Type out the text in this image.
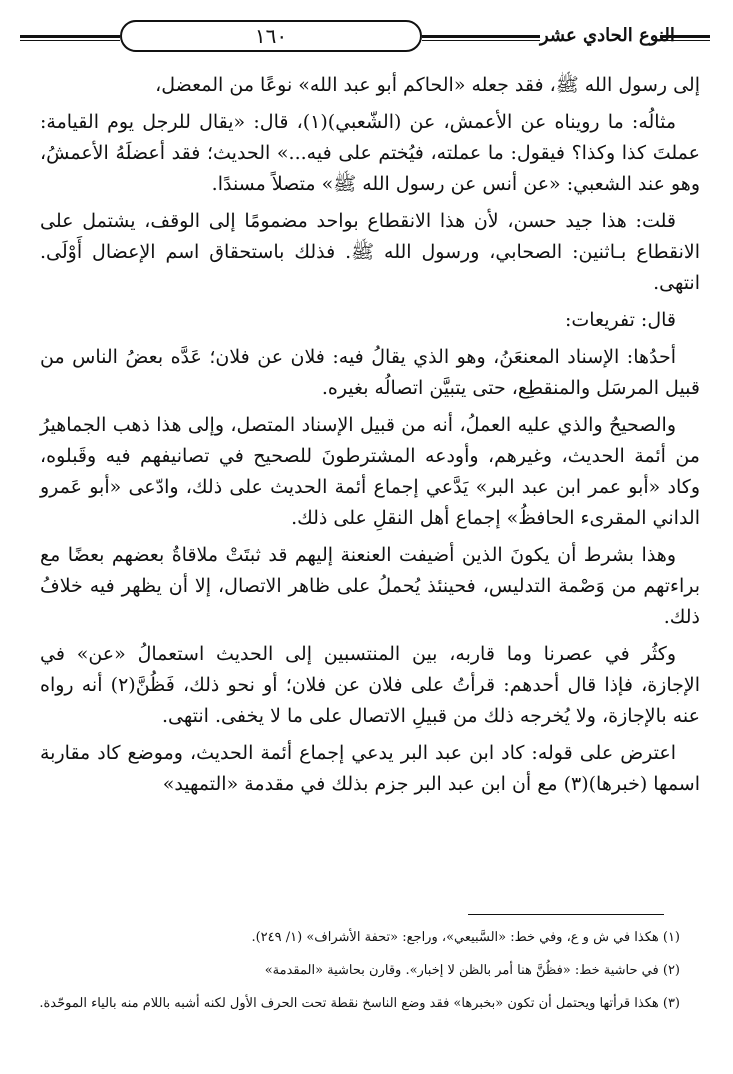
١٦٠	النوع الحادي عشر

إلى رسول الله ﷺ، فقد جعله «الحاكم أبو عبد الله» نوعًا من المعضل،

مثالُه: ما رويناه عن الأعمش، عن (الشّعبي)(١)، قال: «يقال للرجل يوم القيامة: عملتَ كذا وكذا؟ فيقول: ما عملته، فيُختم على فيه...» الحديث؛ فقد أعضلَهُ الأعمشُ، وهو عند الشعبي: «عن أنس عن رسول الله ﷺ» متصلاً مسندًا.

قلت: هذا جيد حسن، لأن هذا الانقطاع بواحد مضمومًا إلى الوقف، يشتمل على الانقطاع بـاثنين: الصحابي، ورسول الله ﷺ. فذلك باستحقاق اسم الإعضال أَوْلَى. انتهى.

قال: تفريعات:

أحدُها: الإسناد المعنعَنُ، وهو الذي يقالُ فيه: فلان عن فلان؛ عَدَّه بعضُ الناس من قبيل المرسَل والمنقطِع، حتى يتبيَّن اتصالُه بغيره.

والصحيحُ والذي عليه العملُ، أنه من قبيل الإسناد المتصل، وإلى هذا ذهب الجماهيرُ من أئمة الحديث، وغيرهم، وأودعه المشترطونَ للصحيح في تصانيفهم فيه وقَبلوه، وكاد «أبو عمر ابن عبد البر» يَدَّعي إجماع أئمة الحديث على ذلك، وادّعى «أبو عَمرو الداني المقرىء الحافظُ» إجماع أهل النقلِ على ذلك.

وهذا بشرط أن يكونَ الذين أضيفت العنعنة إليهم قد ثبتَتْ ملاقاةُ بعضهم بعضًا مع براءتهم من وَصْمة التدليس، فحينئذ يُحملُ على ظاهر الاتصال، إلا أن يظهر فيه خلافُ ذلك.

وكثُر في عصرنا وما قاربه، بين المنتسبين إلى الحديث استعمالُ «عن» في الإجازة، فإذا قال أحدهم: قرأتُ على فلان عن فلان؛ أو نحو ذلك، فَظُنَّ(٢) أنه رواه عنه بالإجازة، ولا يُخرجه ذلك من قبيلِ الاتصال على ما لا يخفى. انتهى.

اعترض على قوله: كاد ابن عبد البر يدعي إجماع أئمة الحديث، وموضع كاد مقاربة اسمها (خبرها)(٣) مع أن ابن عبد البر جزم بذلك في مقدمة «التمهيد»

(١) هكذا في ش و ع، وفي خط: «السَّبيعي»، وراجع: «تحفة الأشراف» (١/ ٢٤٩).

(٢) في حاشية خط: «فظُنَّ هنا أمر بالظن لا إخبار». وقارن بحاشية «المقدمة»

(٣) هكذا قرأتها ويحتمل أن تكون «بخبرها» فقد وضع الناسخ نقطة تحت الحرف الأول لكنه أشبه باللام منه بالياء الموحّدة.
